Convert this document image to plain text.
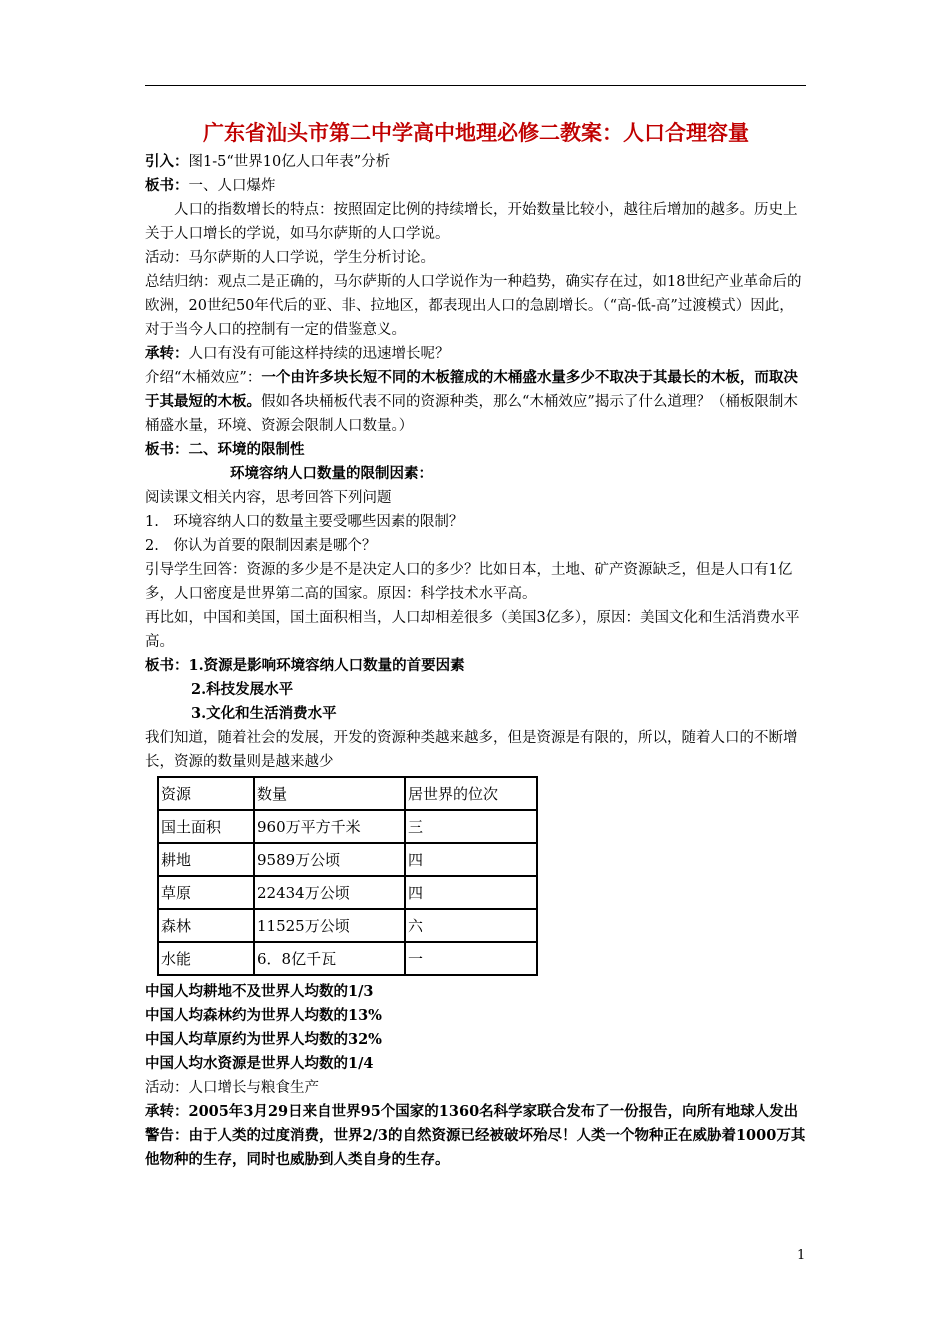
广东省汕头市第二中学高中地理必修二教案：人口合理容量

引入：图1-5“世界10亿人口年表”分析

板书：一、人口爆炸

人口的指数增长的特点：按照固定比例的持续增长，开始数量比较小，越往后增加的越多。历史上关于人口增长的学说，如马尔萨斯的人口学说。

活动：马尔萨斯的人口学说，学生分析讨论。

总结归纳：观点二是正确的，马尔萨斯的人口学说作为一种趋势，确实存在过，如18世纪产业革命后的欧洲，20世纪50年代后的亚、非、拉地区，都表现出人口的急剧增长。（“高-低-高”过渡模式）因此，对于当今人口的控制有一定的借鉴意义。

承转：人口有没有可能这样持续的迅速增长呢？

介绍“木桶效应”：一个由许多块长短不同的木板箍成的木桶盛水量多少不取决于其最长的木板，而取决于其最短的木板。假如各块桶板代表不同的资源种类，那么“木桶效应”揭示了什么道理？（桶板限制木桶盛水量，环境、资源会限制人口数量。）

板书：二、环境的限制性

环境容纳人口数量的限制因素：

阅读课文相关内容，思考回答下列问题

1.　环境容纳人口的数量主要受哪些因素的限制？

2.　你认为首要的限制因素是哪个？

引导学生回答：资源的多少是不是决定人口的多少？比如日本，土地、矿产资源缺乏，但是人口有1亿多，人口密度是世界第二高的国家。原因：科学技术水平高。

再比如，中国和美国，国土面积相当，人口却相差很多（美国3亿多），原因：美国文化和生活消费水平高。

板书：1.资源是影响环境容纳人口数量的首要因素

2.科技发展水平

3.文化和生活消费水平

我们知道，随着社会的发展，开发的资源种类越来越多，但是资源是有限的，所以，随着人口的不断增长，资源的数量则是越来越少

资源	数量	居世界的位次
国土面积	960万平方千米	三
耕地	9589万公顷	四
草原	22434万公顷	四
森林	11525万公顷	六
水能	6．8亿千瓦	一

中国人均耕地不及世界人均数的1/3

中国人均森林约为世界人均数的13%

中国人均草原约为世界人均数的32%

中国人均水资源是世界人均数的1/4

活动：人口增长与粮食生产

承转：2005年3月29日来自世界95个国家的1360名科学家联合发布了一份报告，向所有地球人发出警告：由于人类的过度消费，世界2/3的自然资源已经被破坏殆尽！人类一个物种正在威胁着1000万其他物种的生存，同时也威胁到人类自身的生存。

1
